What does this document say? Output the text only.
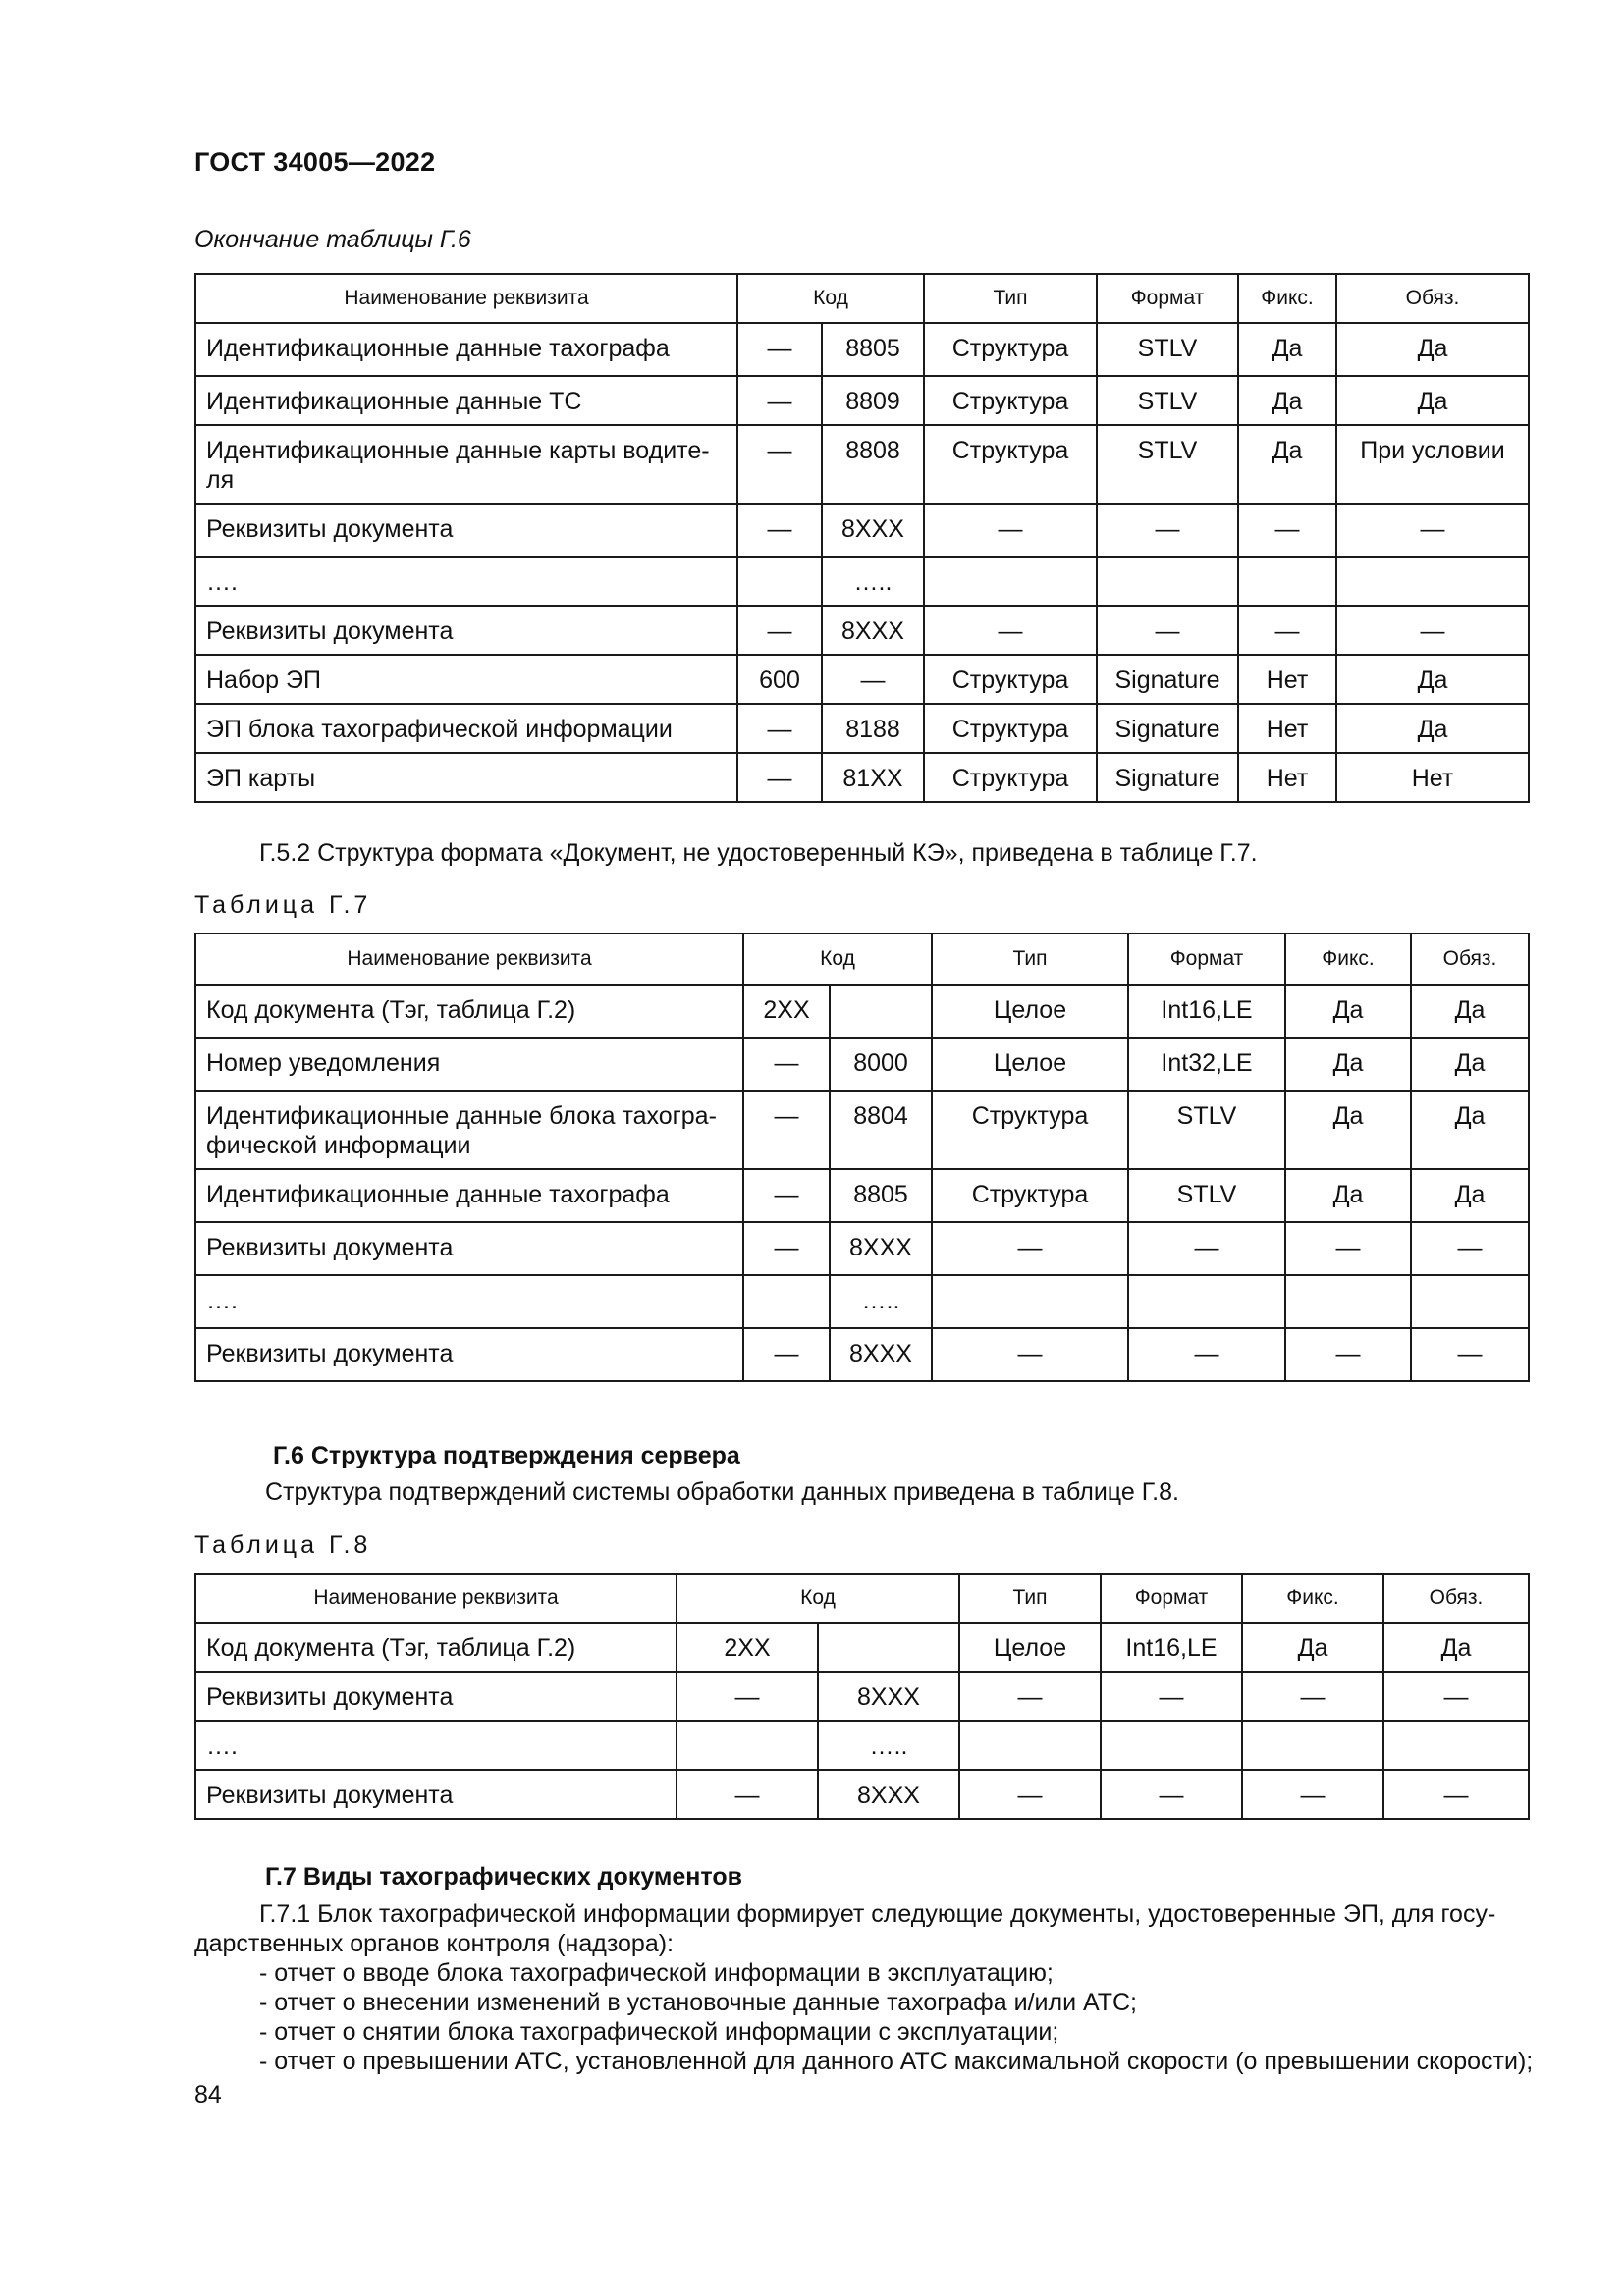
ГОСТ 34005—2022
Окончание таблицы Г.6
Наименование реквизита	Код		Тип	Формат	Фикс.	Обяз.
Идентификационные данные тахографа	—	8805	Структура	STLV	Да	Да
Идентификационные данные ТС	—	8809	Структура	STLV	Да	Да
Идентификационные данные карты водите-ля	—	8808	Структура	STLV	Да	При условии
Реквизиты документа	—	8XXX	—	—	—	—
….		…..				
Реквизиты документа	—	8XXX	—	—	—	—
Набор ЭП	600	—	Структура	Signature	Нет	Да
ЭП блока тахографической информации	—	8188	Структура	Signature	Нет	Да
ЭП карты	—	81XX	Структура	Signature	Нет	Нет
Г.5.2 Структура формата «Документ, не удостоверенный КЭ», приведена в таблице Г.7.
Таблица Г.7
Наименование реквизита	Код		Тип	Формат	Фикс.	Обяз.
Код документа (Тэг, таблица Г.2)	2XX		Целое	Int16,LE	Да	Да
Номер уведомления	—	8000	Целое	Int32,LE	Да	Да
Идентификационные данные блока тахогра-фической информации	—	8804	Структура	STLV	Да	Да
Идентификационные данные тахографа	—	8805	Структура	STLV	Да	Да
Реквизиты документа	—	8XXX	—	—	—	—
….		…..				
Реквизиты документа	—	8XXX	—	—	—	—
Г.6 Структура подтверждения сервера
Структура подтверждений системы обработки данных приведена в таблице Г.8.
Таблица Г.8
Наименование реквизита	Код		Тип	Формат	Фикс.	Обяз.
Код документа (Тэг, таблица Г.2)	2XX		Целое	Int16,LE	Да	Да
Реквизиты документа	—	8XXX	—	—	—	—
….		…..				
Реквизиты документа	—	8XXX	—	—	—	—
Г.7 Виды тахографических документов
Г.7.1 Блок тахографической информации формирует следующие документы, удостоверенные ЭП, для госу-
дарственных органов контроля (надзора):
- отчет о вводе блока тахографической информации в эксплуатацию;
- отчет о внесении изменений в установочные данные тахографа и/или АТС;
- отчет о снятии блока тахографической информации с эксплуатации;
- отчет о превышении АТС, установленной для данного АТС максимальной скорости (о превышении скорости);
84
